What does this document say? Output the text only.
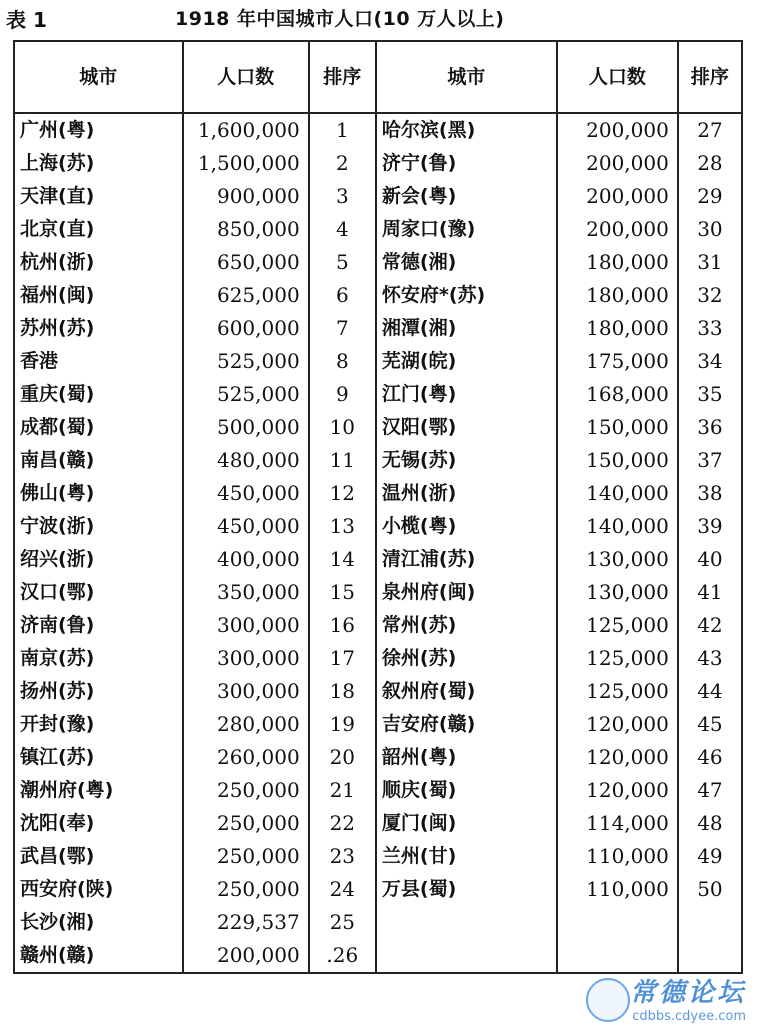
表 1	1918 年中国城市人口(10 万人以上)
城市	人口数	排序	城市	人口数	排序
广州(粤)	1,600,000	1	哈尔滨(黑)	200,000	27
上海(苏)	1,500,000	2	济宁(鲁)	200,000	28
天津(直)	900,000	3	新会(粤)	200,000	29
北京(直)	850,000	4	周家口(豫)	200,000	30
杭州(浙)	650,000	5	常德(湘)	180,000	31
福州(闽)	625,000	6	怀安府*(苏)	180,000	32
苏州(苏)	600,000	7	湘潭(湘)	180,000	33
香港	525,000	8	芜湖(皖)	175,000	34
重庆(蜀)	525,000	9	江门(粤)	168,000	35
成都(蜀)	500,000	10	汉阳(鄂)	150,000	36
南昌(赣)	480,000	11	无锡(苏)	150,000	37
佛山(粤)	450,000	12	温州(浙)	140,000	38
宁波(浙)	450,000	13	小榄(粤)	140,000	39
绍兴(浙)	400,000	14	清江浦(苏)	130,000	40
汉口(鄂)	350,000	15	泉州府(闽)	130,000	41
济南(鲁)	300,000	16	常州(苏)	125,000	42
南京(苏)	300,000	17	徐州(苏)	125,000	43
扬州(苏)	300,000	18	叙州府(蜀)	125,000	44
开封(豫)	280,000	19	吉安府(赣)	120,000	45
镇江(苏)	260,000	20	韶州(粤)	120,000	46
潮州府(粤)	250,000	21	顺庆(蜀)	120,000	47
沈阳(奉)	250,000	22	厦门(闽)	114,000	48
武昌(鄂)	250,000	23	兰州(甘)	110,000	49
西安府(陕)	250,000	24	万县(蜀)	110,000	50
长沙(湘)	229,537	25			
赣州(赣)	200,000	.26			
常德论坛
cdbbs.cdyee.com
